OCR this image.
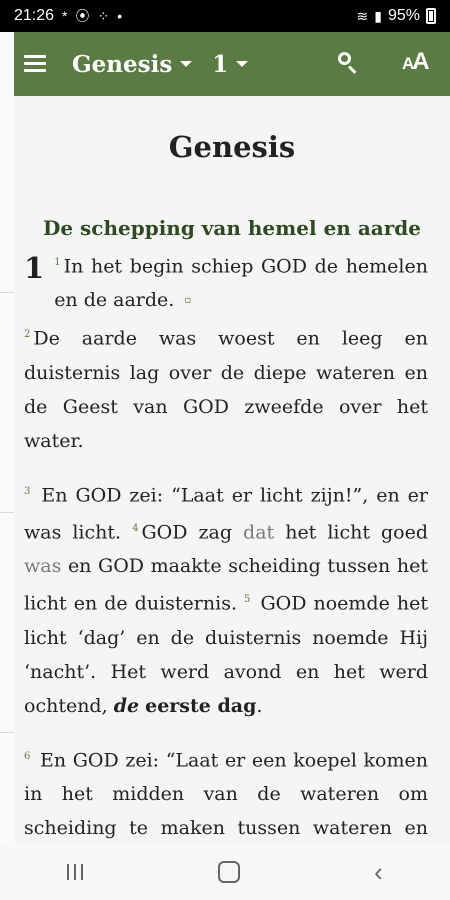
21:26 * ⦿ ⁘ •	≋ ▮ 95%
Genesis 1	AA
Genesis
De schepping van hemel en aarde

1 $^1$ In het begin schiep GOD de hemelen en de aarde. ▫
$^2$ De aarde was woest en leeg en duisternis lag over de diepe wateren en de Geest van GOD zweefde over het water.

$^3$ En GOD zei: “Laat er licht zijn!”, en er was licht. $^4$ GOD zag dat het licht goed was en GOD maakte scheiding tussen het licht en de duisternis. $^5$ GOD noemde het licht ‘dag’ en de duisternis noemde Hij ‘nacht’. Het werd avond en het werd ochtend, de eerste dag.

$^6$ En GOD zei: “Laat er een koepel komen in het midden van de wateren om scheiding te maken tussen wateren en

‹
